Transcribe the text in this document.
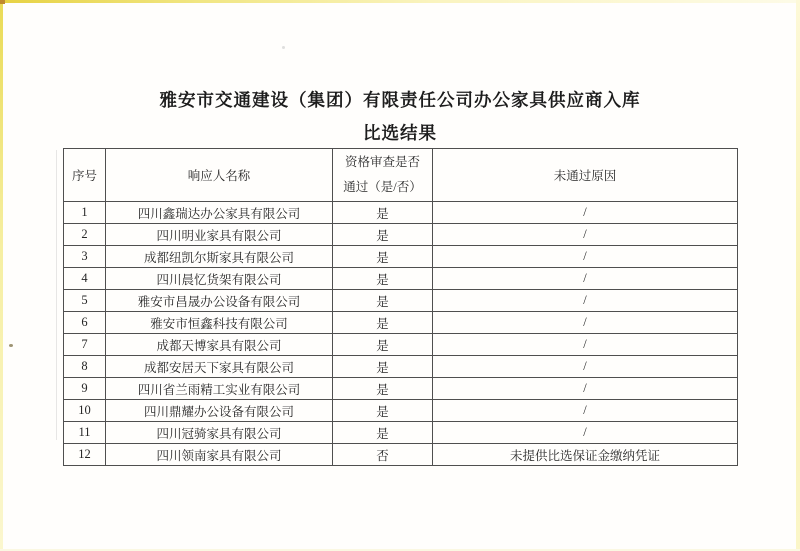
雅安市交通建设（集团）有限责任公司办公家具供应商入库
比选结果
序号	响应人名称	资格审查是否
通过（是/否）	未通过原因
1	四川鑫瑞达办公家具有限公司	是	/
2	四川明业家具有限公司	是	/
3	成都纽凯尔斯家具有限公司	是	/
4	四川晨忆货架有限公司	是	/
5	雅安市昌晟办公设备有限公司	是	/
6	雅安市恒鑫科技有限公司	是	/
7	成都天博家具有限公司	是	/
8	成都安居天下家具有限公司	是	/
9	四川省兰雨精工实业有限公司	是	/
10	四川鼎耀办公设备有限公司	是	/
11	四川冠骑家具有限公司	是	/
12	四川领南家具有限公司	否	未提供比选保证金缴纳凭证
